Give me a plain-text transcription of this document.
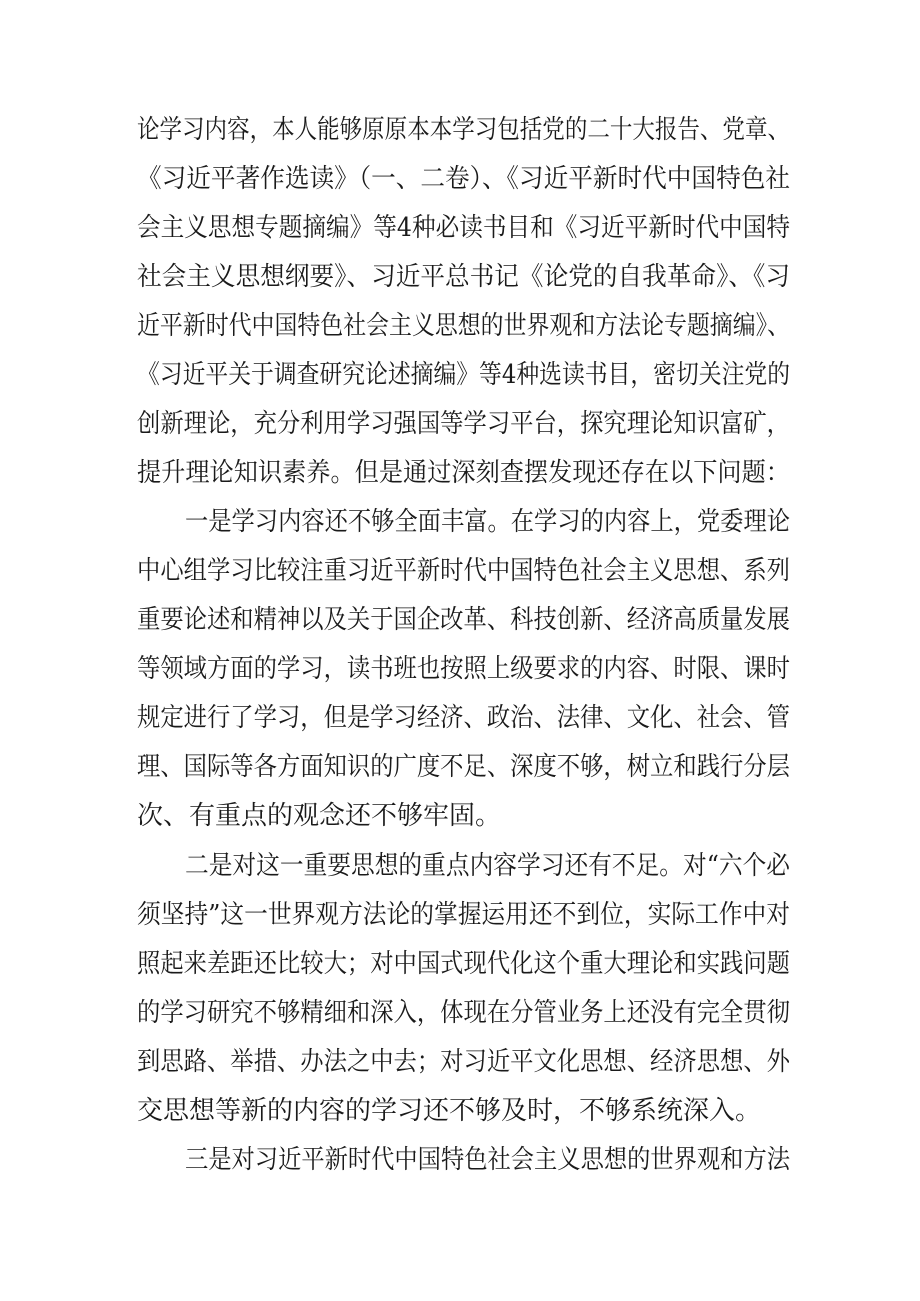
论学习内容，本人能够原原本本学习包括党的二十大报告、党章、
《习近平著作选读》（一、二卷）、《习近平新时代中国特色社
会主义思想专题摘编》等4种必读书目和《习近平新时代中国特
社会主义思想纲要》、习近平总书记《论党的自我革命》、《习
近平新时代中国特色社会主义思想的世界观和方法论专题摘编》、
《习近平关于调查研究论述摘编》等4种选读书目，密切关注党的
创新理论，充分利用学习强国等学习平台，探究理论知识富矿，
提升理论知识素养。但是通过深刻查摆发现还存在以下问题：
一是学习内容还不够全面丰富。在学习的内容上，党委理论
中心组学习比较注重习近平新时代中国特色社会主义思想、系列
重要论述和精神以及关于国企改革、科技创新、经济高质量发展
等领域方面的学习，读书班也按照上级要求的内容、时限、课时
规定进行了学习，但是学习经济、政治、法律、文化、社会、管
理、国际等各方面知识的广度不足、深度不够，树立和践行分层
次、有重点的观念还不够牢固。
二是对这一重要思想的重点内容学习还有不足。对“六个必
须坚持”这一世界观方法论的掌握运用还不到位，实际工作中对
照起来差距还比较大；对中国式现代化这个重大理论和实践问题
的学习研究不够精细和深入，体现在分管业务上还没有完全贯彻
到思路、举措、办法之中去；对习近平文化思想、经济思想、外
交思想等新的内容的学习还不够及时，不够系统深入。
三是对习近平新时代中国特色社会主义思想的世界观和方法
